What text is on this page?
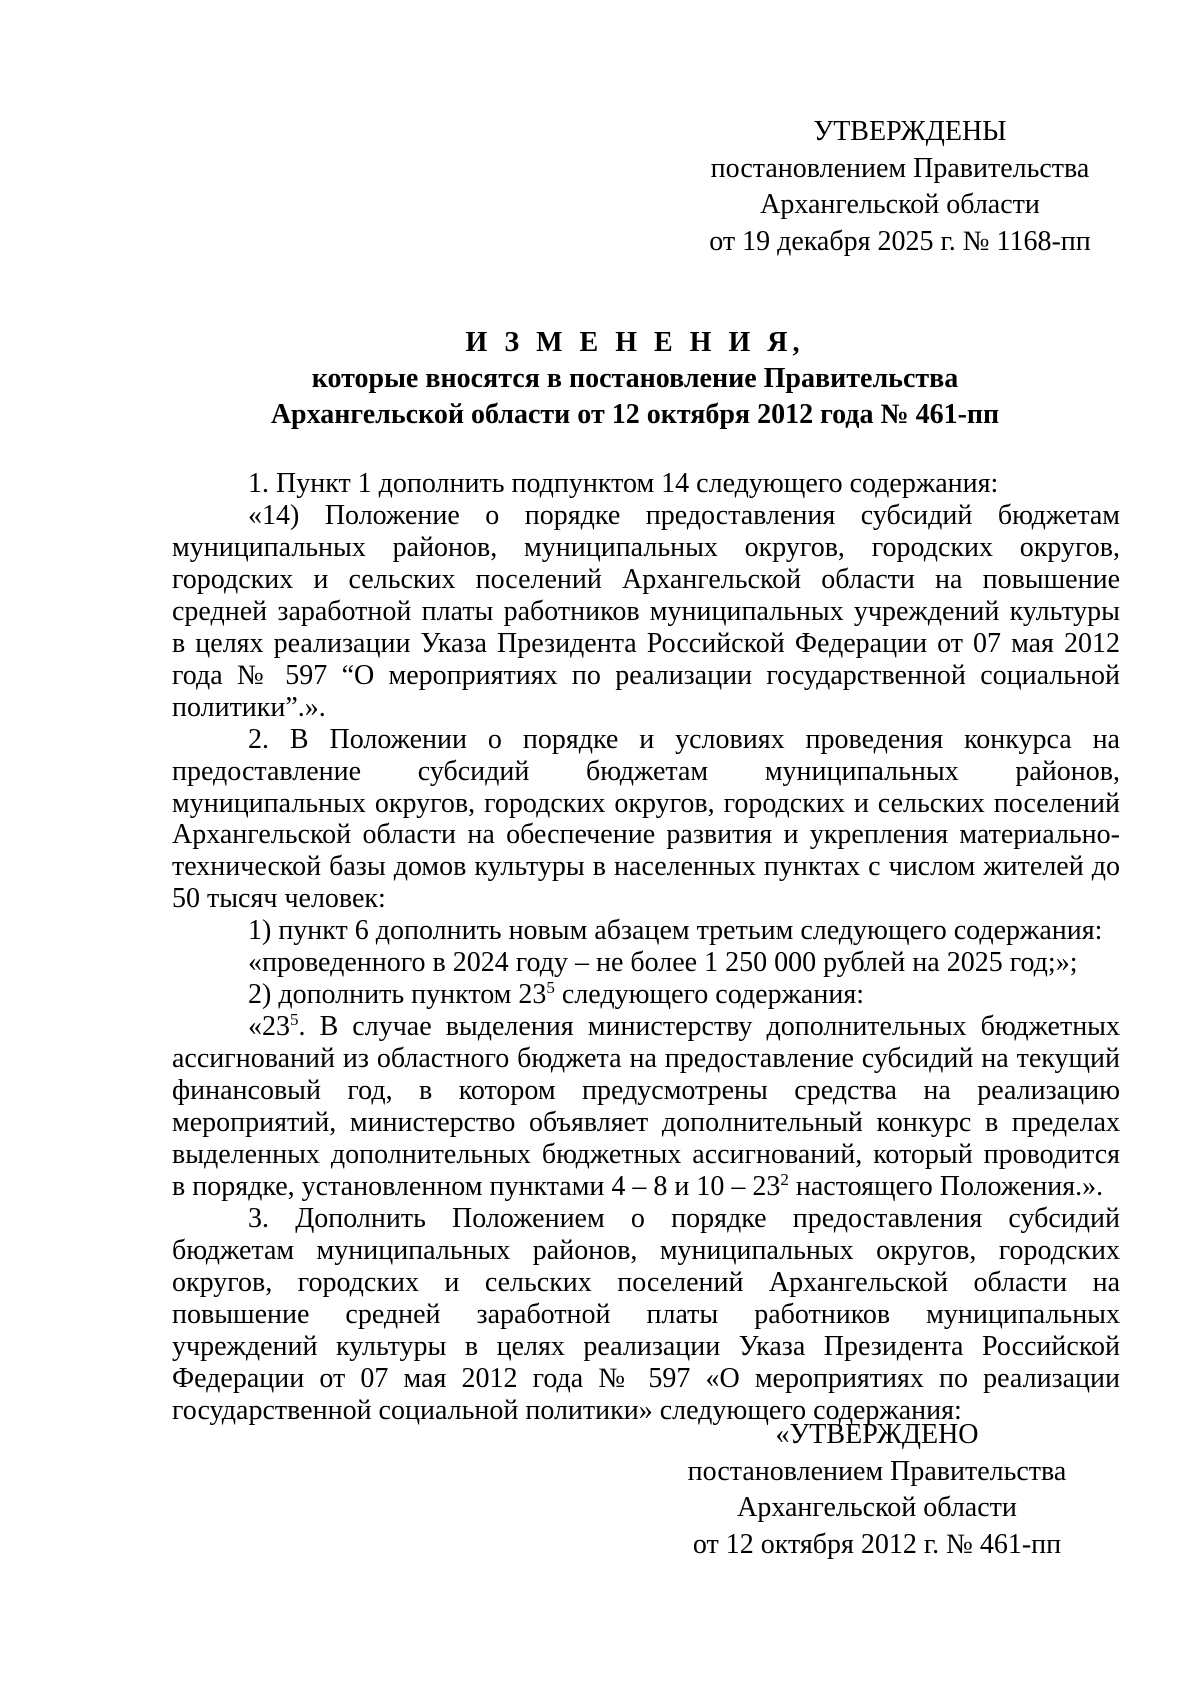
УТВЕРЖДЕНЫ
постановлением Правительства
Архангельской области
от 19 декабря 2025 г. № 1168-пп
И З М Е Н Е Н И Я,
которые вносятся в постановление Правительства
Архангельской области от 12 октября 2012 года № 461-пп

1. Пункт 1 дополнить подпунктом 14 следующего содержания:

«14) Положение о порядке предоставления субсидий бюджетам муниципальных районов, муниципальных округов, городских округов, городских и сельских поселений Архангельской области на повышение средней заработной платы работников муниципальных учреждений культуры в целях реализации Указа Президента Российской Федерации от 07 мая 2012 года № 597 “О мероприятиях по реализации государственной социальной политики”.».

2. В Положении о порядке и условиях проведения конкурса на предоставление субсидий бюджетам муниципальных районов, муниципальных округов, городских округов, городских и сельских поселений Архангельской области на обеспечение развития и укрепления материально-технической базы домов культуры в населенных пунктах с числом жителей до 50 тысяч человек:

1) пункт 6 дополнить новым абзацем третьим следующего содержания:

«проведенного в 2024 году – не более 1 250 000 рублей на 2025 год;»;

2) дополнить пунктом $23^5$ следующего содержания:

«$23^5$. В случае выделения министерству дополнительных бюджетных ассигнований из областного бюджета на предоставление субсидий на текущий финансовый год, в котором предусмотрены средства на реализацию мероприятий, министерство объявляет дополнительный конкурс в пределах выделенных дополнительных бюджетных ассигнований, который проводится в порядке, установленном пунктами 4 – 8 и $10 - 23^2$ настоящего Положения.».

3. Дополнить Положением о порядке предоставления субсидий бюджетам муниципальных районов, муниципальных округов, городских округов, городских и сельских поселений Архангельской области на повышение средней заработной платы работников муниципальных учреждений культуры в целях реализации Указа Президента Российской Федерации от 07 мая 2012 года № 597 «О мероприятиях по реализации государственной социальной политики» следующего содержания:

«УТВЕРЖДЕНО
постановлением Правительства
Архангельской области
от 12 октября 2012 г. № 461-пп
